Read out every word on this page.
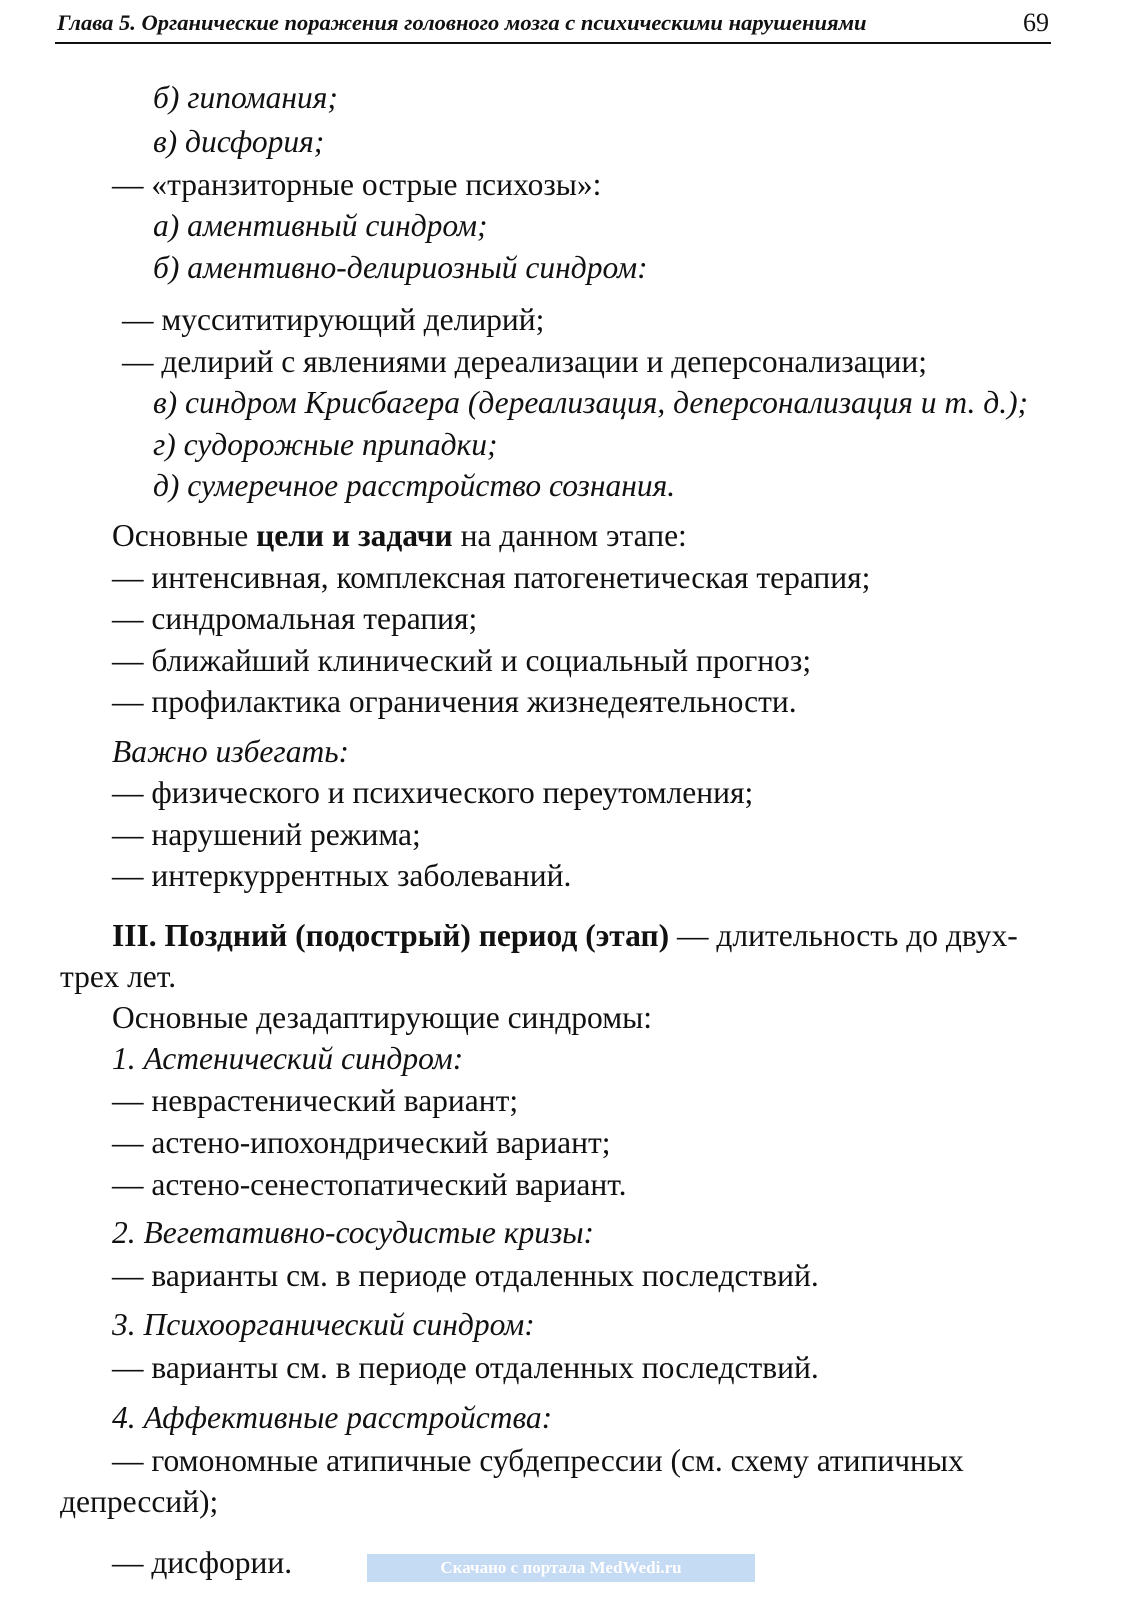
Глава 5. Органические поражения головного мозга с психическими нарушениями	69
б) гипомания;
в) дисфория;
— «транзиторные острые психозы»:
а) аментивный синдром;
б) аментивно-делириозный синдром:
— муссититирующий делирий;
— делирий с явлениями дереализации и деперсонализации;
в) синдром Крисбагера (дереализация, деперсонализация и т. д.);
г) судорожные припадки;
д) сумеречное расстройство сознания.
Основные цели и задачи на данном этапе:
— интенсивная, комплексная патогенетическая терапия;
— синдромальная терапия;
— ближайший клинический и социальный прогноз;
— профилактика ограничения жизнедеятельности.
Важно избегать:
— физического и психического переутомления;
— нарушений режима;
— интеркуррентных заболеваний.
III. Поздний (подострый) период (этап) — длительность до двух-
трех лет.
Основные дезадаптирующие синдромы:
1. Астенический синдром:
— неврастенический вариант;
— астено-ипохондрический вариант;
— астено-сенестопатический вариант.
2. Вегетативно-сосудистые кризы:
— варианты см. в периоде отдаленных последствий.
3. Психоорганический синдром:
— варианты см. в периоде отдаленных последствий.
4. Аффективные расстройства:
— гомономные атипичные субдепрессии (см. схему атипичных
депрессий);
— дисфории.	Скачано с портала MedWedi.ru
